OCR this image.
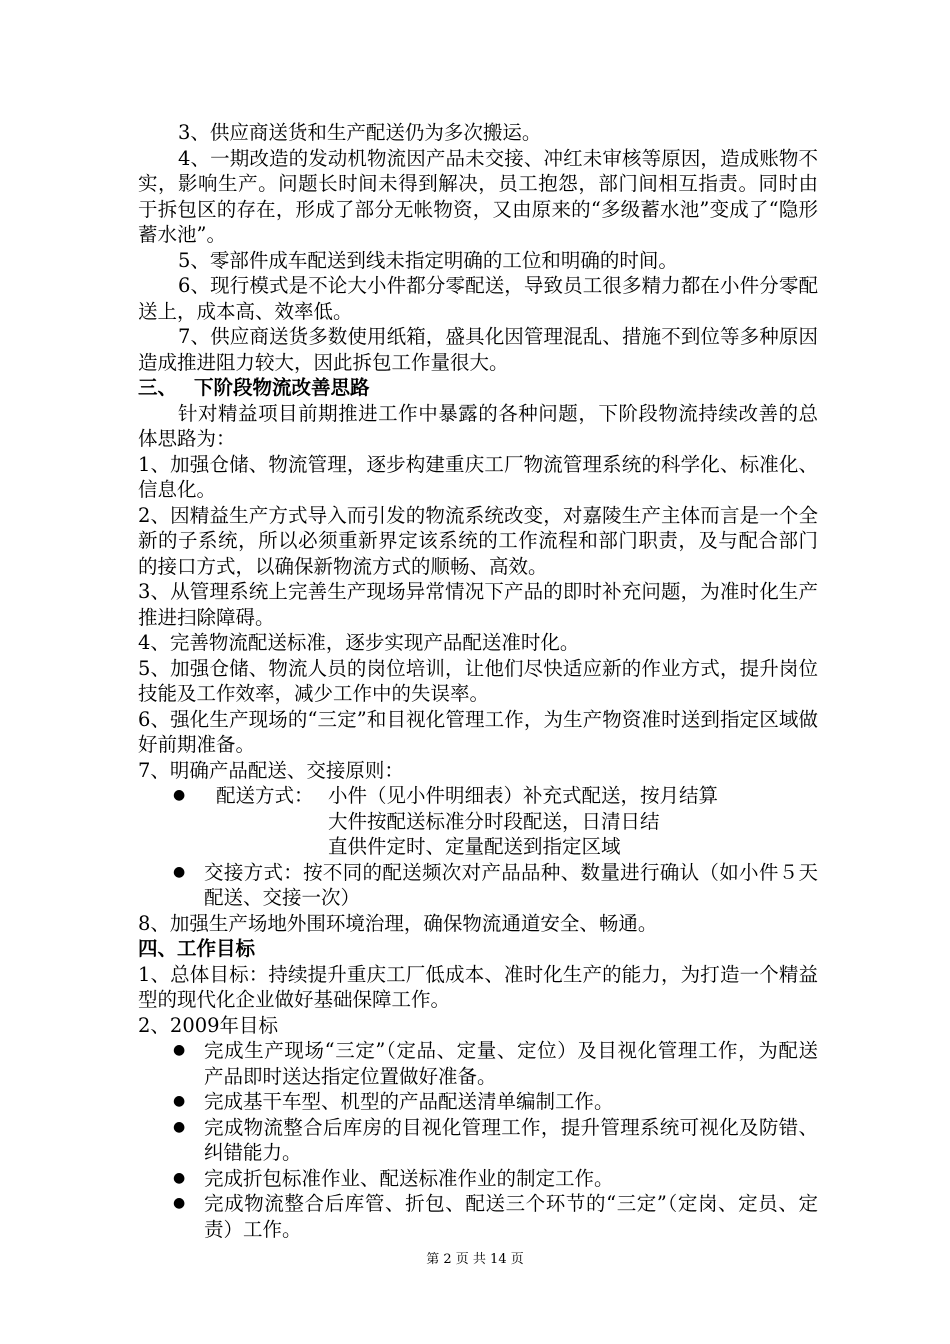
3、供应商送货和生产配送仍为多次搬运。

4、一期改造的发动机物流因产品未交接、冲红未审核等原因，造成账物不实，影响生产。问题长时间未得到解决，员工抱怨，部门间相互指责。同时由于拆包区的存在，形成了部分无帐物资，又由原来的“多级蓄水池”变成了“隐形蓄水池”。

5、零部件成车配送到线未指定明确的工位和明确的时间。

6、现行模式是不论大小件都分零配送，导致员工很多精力都在小件分零配送上，成本高、效率低。

7、供应商送货多数使用纸箱，盛具化因管理混乱、措施不到位等多种原因造成推进阻力较大，因此拆包工作量很大。

三、 下阶段物流改善思路

针对精益项目前期推进工作中暴露的各种问题，下阶段物流持续改善的总体思路为：

1、加强仓储、物流管理，逐步构建重庆工厂物流管理系统的科学化、标准化、信息化。

2、因精益生产方式导入而引发的物流系统改变，对嘉陵生产主体而言是一个全新的子系统，所以必须重新界定该系统的工作流程和部门职责，及与配合部门的接口方式，以确保新物流方式的顺畅、高效。

3、从管理系统上完善生产现场异常情况下产品的即时补充问题，为准时化生产推进扫除障碍。

4、完善物流配送标准，逐步实现产品配送准时化。

5、加强仓储、物流人员的岗位培训，让他们尽快适应新的作业方式，提升岗位技能及工作效率，减少工作中的失误率。

6、强化生产现场的“三定”和目视化管理工作，为生产物资准时送到指定区域做好前期准备。

7、明确产品配送、交接原则：

● 配送方式： 小件（见小件明细表）补充式配送，按月结算

大件按配送标准分时段配送，日清日结

直供件定时、定量配送到指定区域

● 交接方式：按不同的配送频次对产品品种、数量进行确认（如小件５天配送、交接一次）

8、加强生产场地外围环境治理，确保物流通道安全、畅通。

四、工作目标

1、总体目标：持续提升重庆工厂低成本、准时化生产的能力，为打造一个精益型的现代化企业做好基础保障工作。

2、2009年目标

● 完成生产现场“三定”（定品、定量、定位）及目视化管理工作，为配送产品即时送达指定位置做好准备。
● 完成基干车型、机型的产品配送清单编制工作。
● 完成物流整合后库房的目视化管理工作，提升管理系统可视化及防错、纠错能力。
● 完成折包标准作业、配送标准作业的制定工作。
● 完成物流整合后库管、折包、配送三个环节的“三定”（定岗、定员、定责）工作。
第 2 页 共 14 页
